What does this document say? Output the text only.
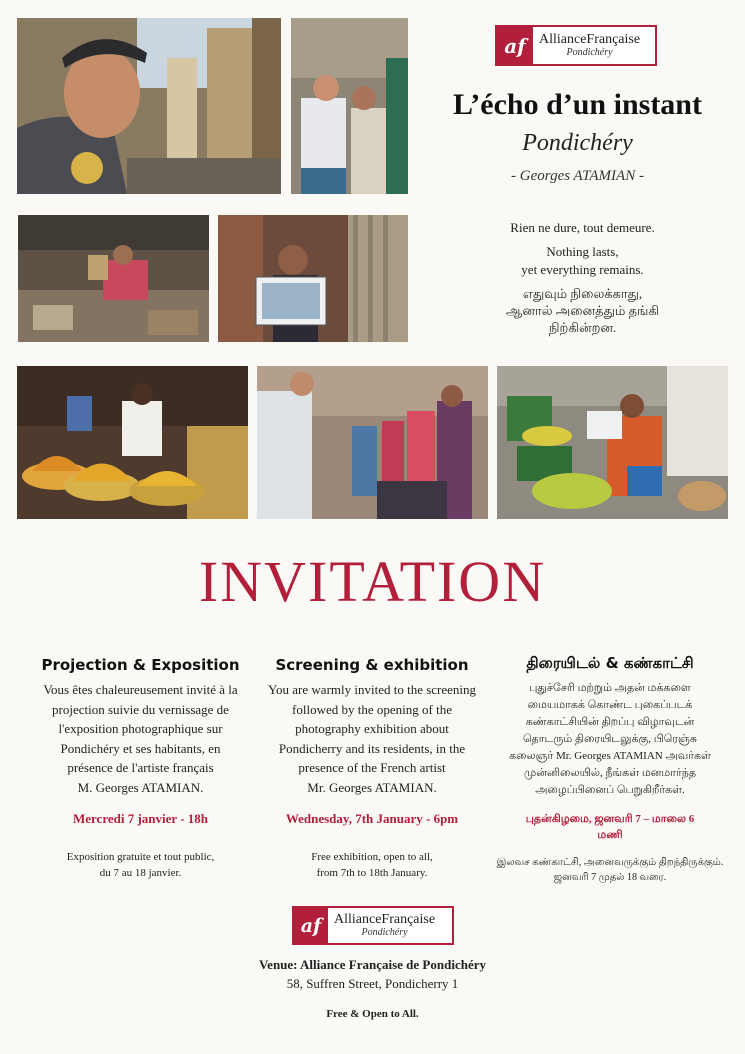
af AllianceFrançaise
Pondichéry
L’écho d’un instant
Pondichéry
- Georges ATAMIAN -
Rien ne dure, tout demeure.
Nothing lasts,
yet everything remains.
எதுவும் நிலைக்காது,
ஆனால் அனைத்தும் தங்கி
நிற்கின்றன.
INVITATION
Projection & Exposition
Vous êtes chaleureusement invité à la
projection suivie du vernissage de
l'exposition photographique sur
Pondichéry et ses habitants, en
présence de l'artiste français
M. Georges ATAMIAN.
Mercredi 7 janvier - 18h
Exposition gratuite et tout public,
du 7 au 18 janvier.
Screening & exhibition
You are warmly invited to the screening
followed by the opening of the
photography exhibition about
Pondicherry and its residents, in the
presence of the French artist
Mr. Georges ATAMIAN.
Wednesday, 7th January - 6pm
Free exhibition, open to all,
from 7th to 18th January.
திரையிடல் & கண்காட்சி
புதுச்சேரி மற்றும் அதன் மக்களை
மையமாகக் கொண்ட புகைப்படக்
கண்காட்சியின் திறப்பு விழாவுடன்
தொடரும் திரையிடலுக்கு, பிரெஞ்சு
கலைஞர் Mr. Georges ATAMIAN அவர்கள்
முன்னிலையில், நீங்கள் மனமார்ந்த
அழைப்பினைப் பெறுகிறீர்கள்.
புதன்கிழமை, ஜனவரி 7 – மாலை 6
மணி
இலவச கண்காட்சி, அனைவருக்கும் திறந்திருக்கும்.
ஜனவரி 7 முதல் 18 வரை.
af AllianceFrançaise
Pondichéry
Venue: Alliance Française de Pondichéry
58, Suffren Street, Pondicherry 1
Free & Open to All.
